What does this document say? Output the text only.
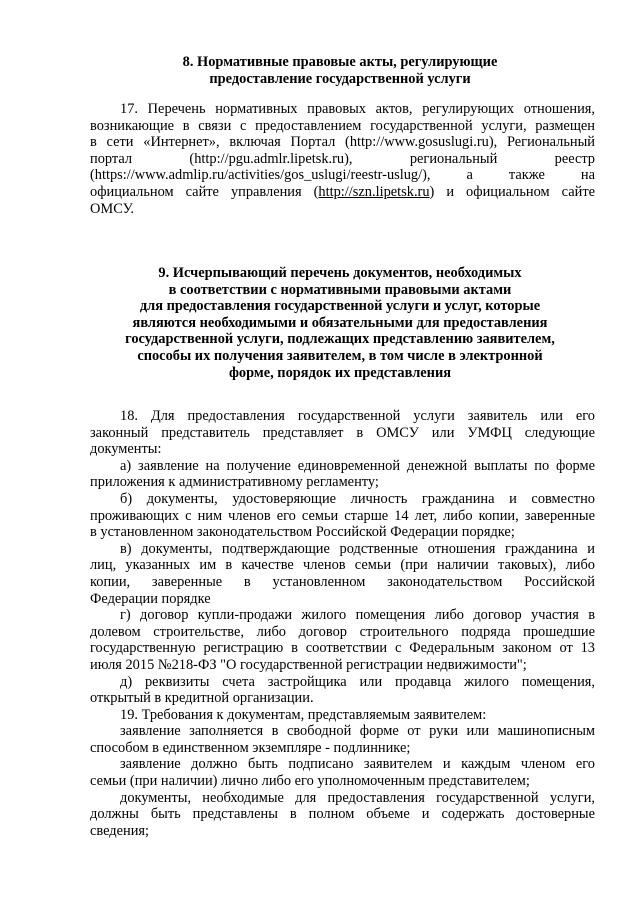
8. Нормативные правовые акты, регулирующие
предоставление государственной услуги
17. Перечень нормативных правовых актов, регулирующих отношения,
возникающие в связи с предоставлением государственной услуги, размещен
в сети «Интернет», включая Портал (http://www.gosuslugi.ru), Региональный
портал (http://pgu.admlr.lipetsk.ru), региональный реестр
(https://www.admlip.ru/activities/gos_uslugi/reestr-uslug/), а также на
официальном сайте управления (http://szn.lipetsk.ru) и официальном сайте
ОМСУ.
9. Исчерпывающий перечень документов, необходимых
в соответствии с нормативными правовыми актами
для предоставления государственной услуги и услуг, которые
являются необходимыми и обязательными для предоставления
государственной услуги, подлежащих представлению заявителем,
способы их получения заявителем, в том числе в электронной
форме, порядок их представления
18. Для предоставления государственной услуги заявитель или его
законный представитель представляет в ОМСУ или УМФЦ следующие
документы:
а) заявление на получение единовременной денежной выплаты по форме
приложения к административному регламенту;
б) документы, удостоверяющие личность гражданина и совместно
проживающих с ним членов его семьи старше 14 лет, либо копии, заверенные
в установленном законодательством Российской Федерации порядке;
в) документы, подтверждающие родственные отношения гражданина и
лиц, указанных им в качестве членов семьи (при наличии таковых), либо
копии, заверенные в установленном законодательством Российской
Федерации порядке
г) договор купли-продажи жилого помещения либо договор участия в
долевом строительстве, либо договор строительного подряда прошедшие
государственную регистрацию в соответствии с Федеральным законом от 13
июля 2015 №218-ФЗ "О государственной регистрации недвижимости";
д) реквизиты счета застройщика или продавца жилого помещения,
открытый в кредитной организации.
19. Требования к документам, представляемым заявителем:
заявление заполняется в свободной форме от руки или машинописным
способом в единственном экземпляре - подлиннике;
заявление должно быть подписано заявителем и каждым членом его
семьи (при наличии) лично либо его уполномоченным представителем;
документы, необходимые для предоставления государственной услуги,
должны быть представлены в полном объеме и содержать достоверные
сведения;
